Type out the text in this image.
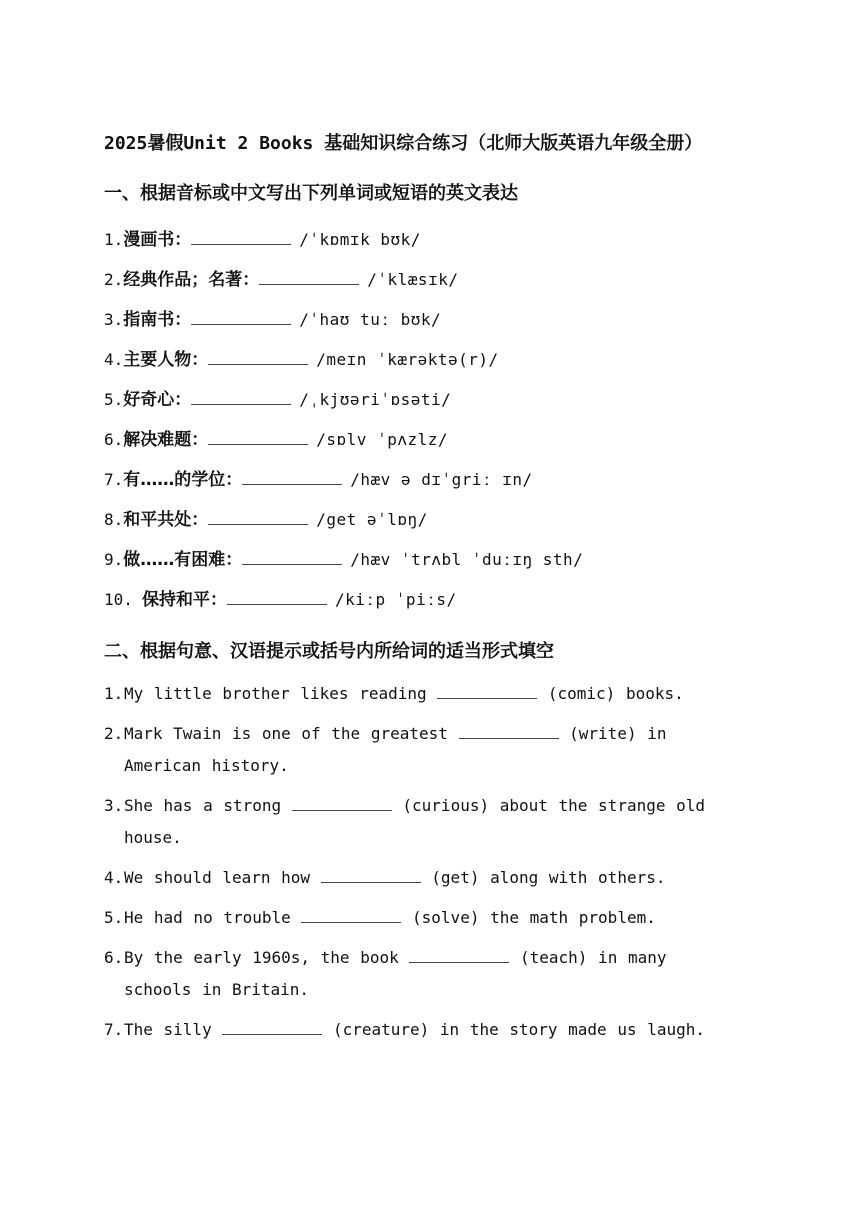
2025暑假Unit 2 Books 基础知识综合练习（北师大版英语九年级全册）
一、根据音标或中文写出下列单词或短语的英文表达
1.漫画书：	/ˈkɒmɪk bʊk/
2.经典作品；名著：	/ˈklæsɪk/
3.指南书：	/ˈhaʊ tuː bʊk/
4.主要人物：	/meɪn ˈkærəktə(r)/
5.好奇心：	/ˌkjʊəriˈɒsəti/
6.解决难题：	/sɒlv ˈpʌzlz/
7.有……的学位：	/hæv ə dɪˈgriː ɪn/
8.和平共处：	/get əˈlɒŋ/
9.做……有困难：	/hæv ˈtrʌbl ˈduːɪŋ sth/
10. 保持和平：	/kiːp ˈpiːs/
二、根据句意、汉语提示或括号内所给词的适当形式填空
1. My little brother likes reading	(comic) books.
2. Mark Twain is one of the greatest	(write) in American history.
3. She has a strong	(curious) about the strange old house.
4. We should learn how	(get) along with others.
5. He had no trouble	(solve) the math problem.
6. By the early 1960s, the book	(teach) in many schools in Britain.
7. The silly	(creature) in the story made us laugh.
